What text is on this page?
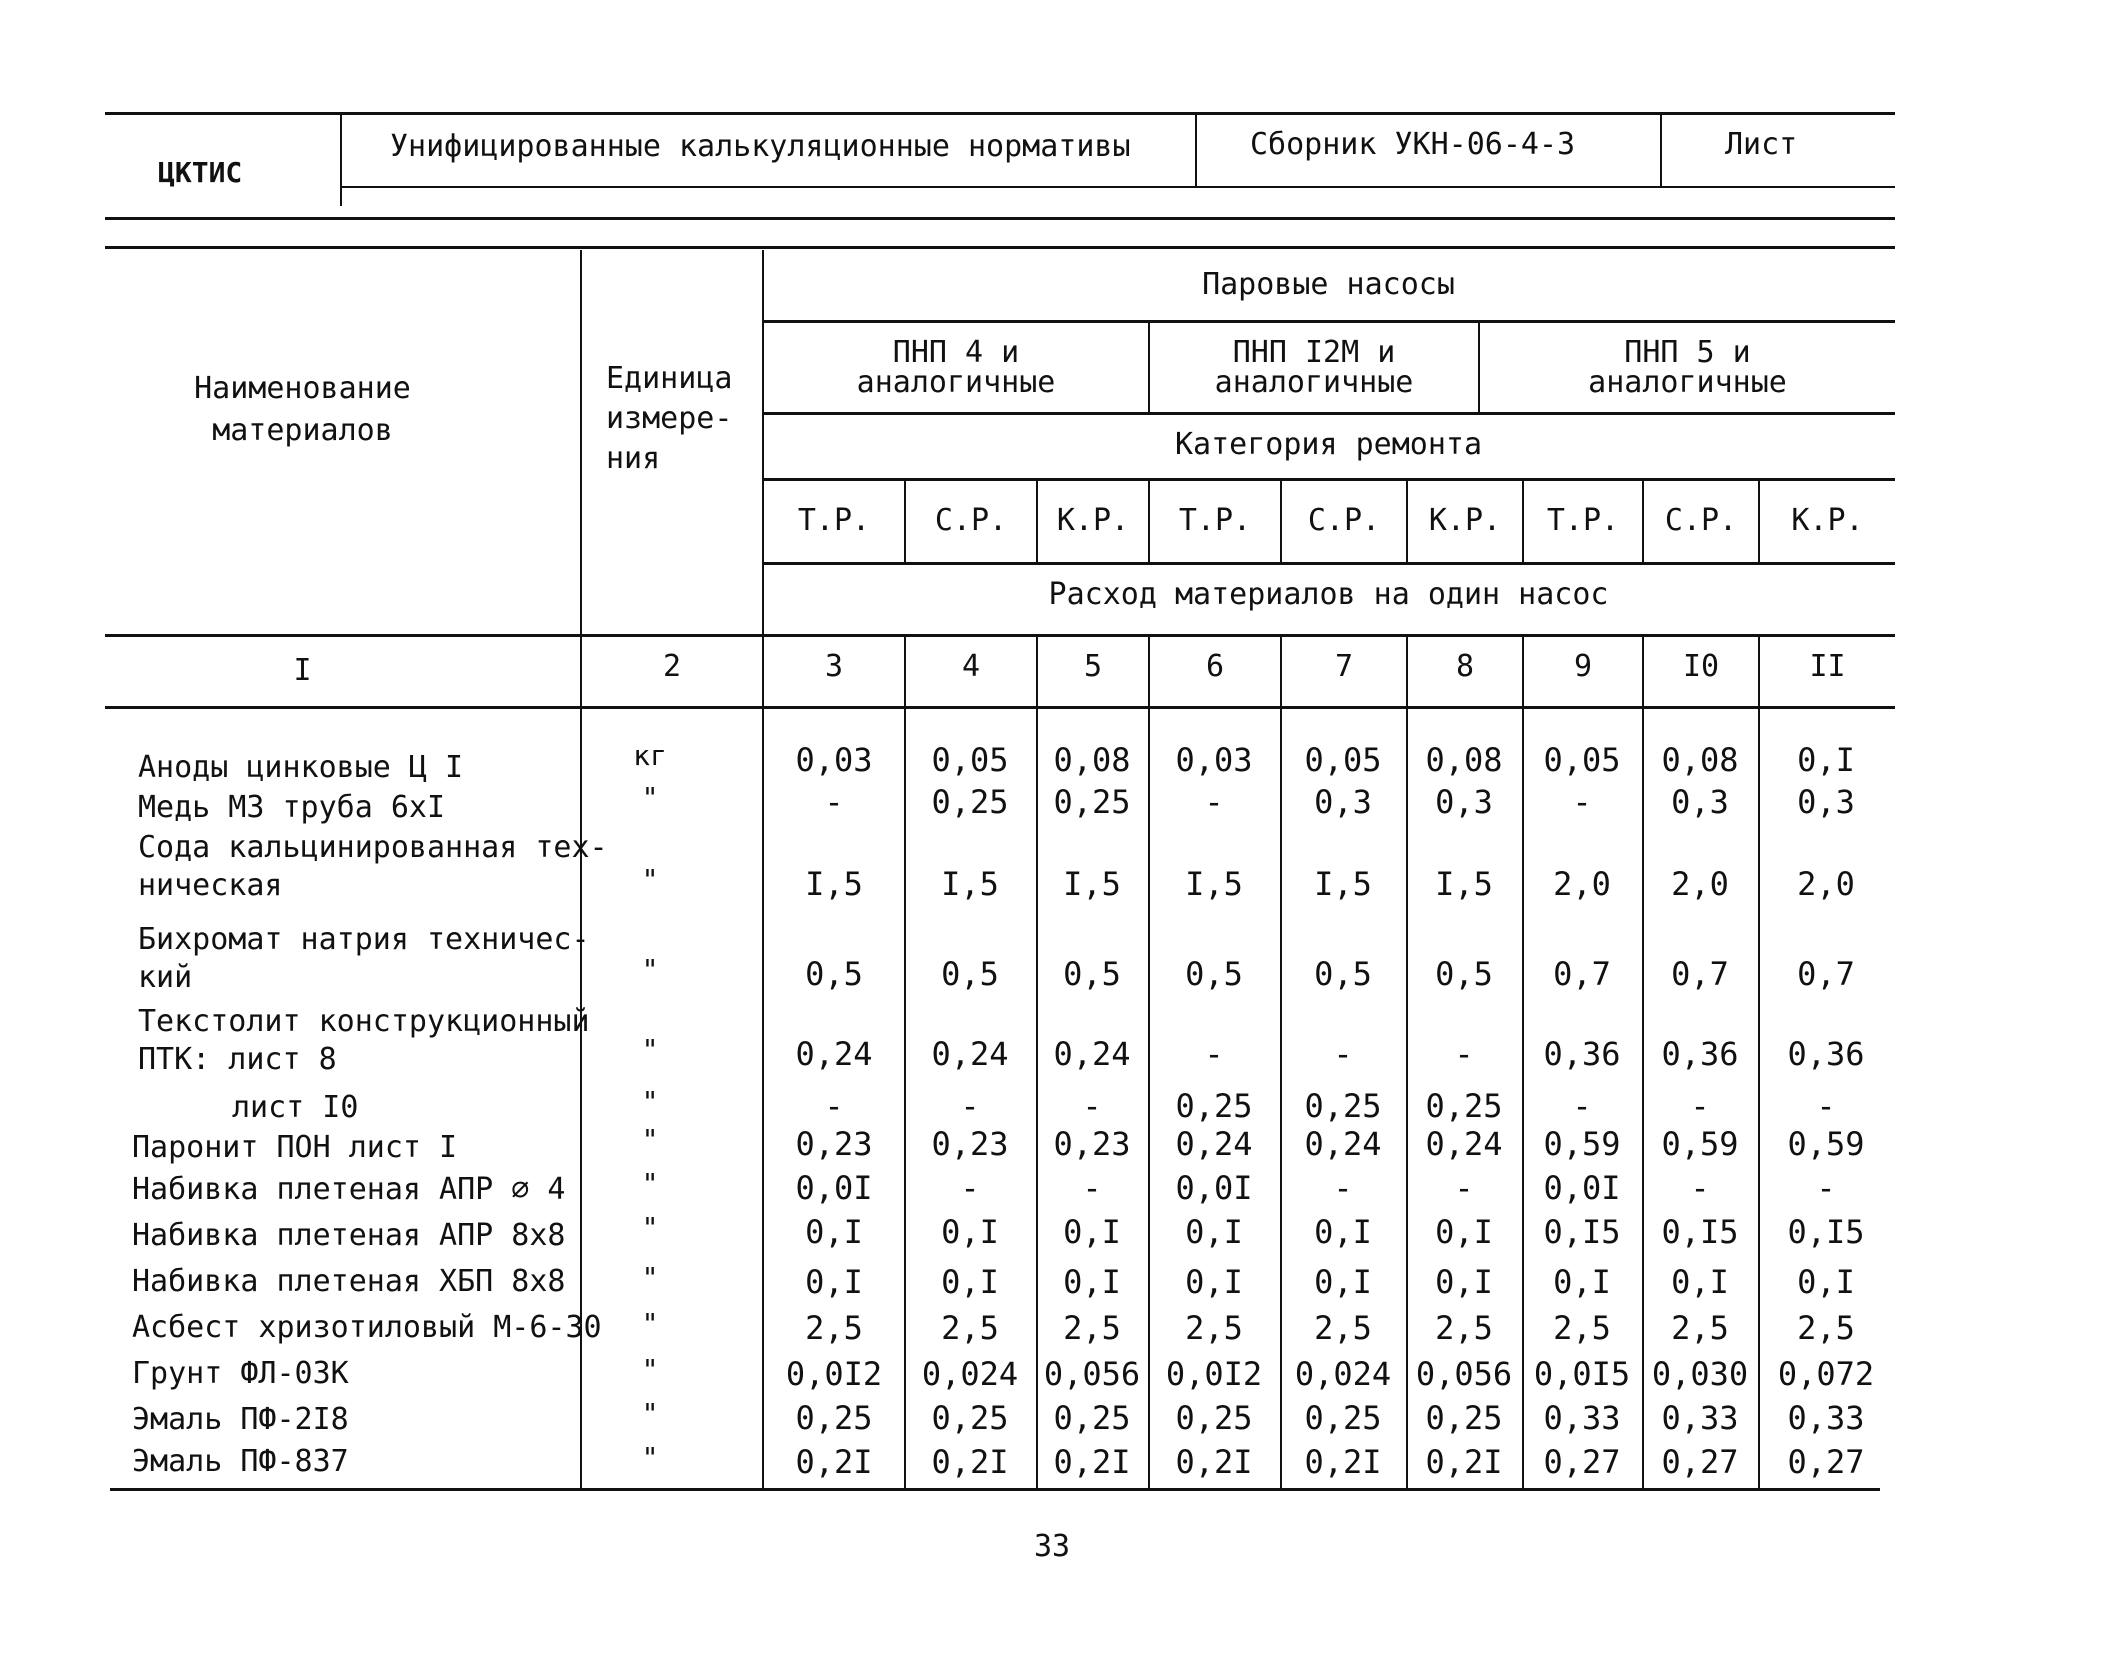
ЦКТИС
Унифицированные калькуляционные нормативы	Сборник УКН-06-4-3	Лист
Наименование
материалов
Единица
измере-
ния
Паровые насосы
ПНП 4 и
аналогичные
ПНП I2M и
аналогичные
ПНП 5 и
аналогичные
Категория ремонта
Т.Р.	С.Р.	К.Р.	Т.Р.	С.Р.	К.Р.	Т.Р.	С.Р.	К.Р.
Расход материалов на один насос
I	2	3	4	5	6	7	8	9	I0	II
Аноды цинковые Ц I	кг	0,03	0,05	0,08	0,03	0,05	0,08	0,05	0,08	0,I
Медь МЗ труба 6хI	"	-	0,25	0,25	-	0,3	0,3	-	0,3	0,3
Сода кальцинированная тех-
ническая	"	I,5	I,5	I,5	I,5	I,5	I,5	2,0	2,0	2,0
Бихромат натрия техничес-
кий	"	0,5	0,5	0,5	0,5	0,5	0,5	0,7	0,7	0,7
Текстолит конструкционный
ПТК: лист 8	"	0,24	0,24	0,24	-	-	-	0,36	0,36	0,36
лист I0	"	-	-	-	0,25	0,25	0,25	-	-	-
Паронит ПОН лист I	"	0,23	0,23	0,23	0,24	0,24	0,24	0,59	0,59	0,59
Набивка плетеная АПР ∅ 4	"	0,0I	-	-	0,0I	-	-	0,0I	-	-
Набивка плетеная АПР 8х8	"	0,I	0,I	0,I	0,I	0,I	0,I	0,I5	0,I5	0,I5
Набивка плетеная ХБП 8х8	"	0,I	0,I	0,I	0,I	0,I	0,I	0,I	0,I	0,I
Асбест хризотиловый М-6-30	"	2,5	2,5	2,5	2,5	2,5	2,5	2,5	2,5	2,5
Грунт ФЛ-03К	"	0,0I2	0,024 0,056 0,0I2	0,024 0,056 0,0I5 0,030 0,072
Эмаль ПФ-2I8	"	0,25	0,25	0,25	0,25	0,25	0,25	0,33	0,33	0,33
Эмаль ПФ-837	"	0,2I	0,2I	0,2I	0,2I	0,2I	0,2I	0,27	0,27	0,27
33
